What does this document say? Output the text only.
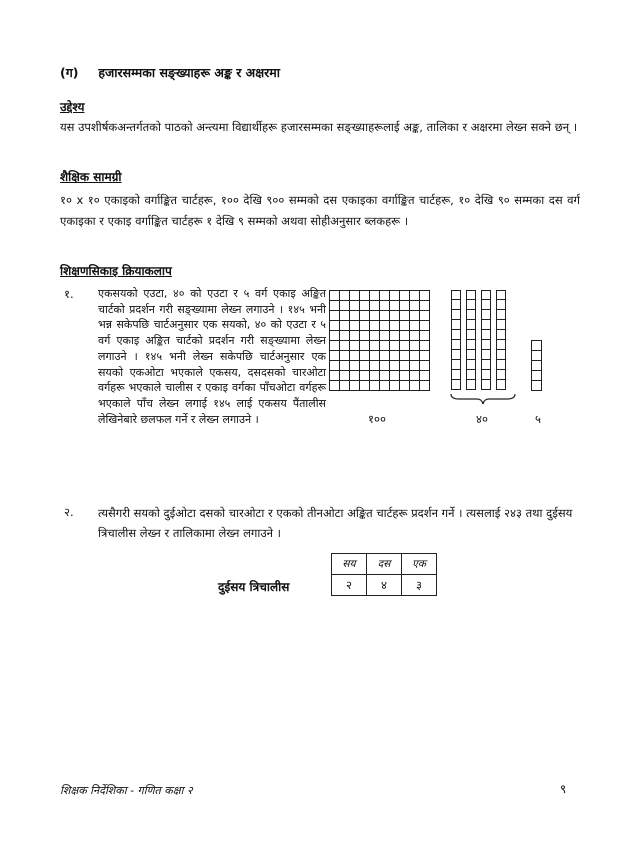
(ग) हजारसम्मका सङ्ख्याहरू अङ्क र अक्षरमा
उद्देश्य
यस उपशीर्षकअन्तर्गतको पाठको अन्त्यमा विद्यार्थीहरू हजारसम्मका सङ्ख्याहरूलाई अङ्क, तालिका र अक्षरमा लेख्न सक्ने छन् ।
शैक्षिक सामग्री
१० x १० एकाइको वर्गाङ्कित चार्टहरू, १०० देखि ९०० सम्मको दस एकाइका वर्गाङ्कित चार्टहरू, १० देखि ९० सम्मका दस वर्ग एकाइका र एकाइ वर्गाङ्कित चार्टहरू १ देखि ९ सम्मको अथवा सोहीअनुसार ब्लकहरू ।
शिक्षणसिकाइ क्रियाकलाप
१. एकसयको एउटा, ४० को एउटा र ५ वर्ग एकाइ अङ्कित चार्टको प्रदर्शन गरी सङ्ख्यामा लेख्न लगाउने । १४५ भनी भन्न सकेपछि चार्टअनुसार एक सयको, ४० को एउटा र ५ वर्ग एकाइ अङ्कित चार्टको प्रदर्शन गरी सङ्ख्यामा लेख्न लगाउने । १४५ भनी लेख्न सकेपछि चार्टअनुसार एक सयको एकओटा भएकाले एकसय, दसदसको चारओटा वर्गहरू भएकाले चालीस र एकाइ वर्गका पाँचओटा वर्गहरू भएकाले पाँच लेख्न लगाई १४५ लाई एकसय पैंतालीस लेखिनेबारे छलफल गर्ने र लेख्न लगाउने ।	१००	४०	५
२. त्यसैगरी सयको दुईओटा दसको चारओटा र एकको तीनओटा अङ्कित चार्टहरू प्रदर्शन गर्ने । त्यसलाई २४३ तथा दुईसय त्रिचालीस लेख्न र तालिकामा लेख्न लगाउने ।
सय	दस	एक
२	४	३
दुईसय त्रिचालीस
शिक्षक निर्देशिका - गणित कक्षा २	९
